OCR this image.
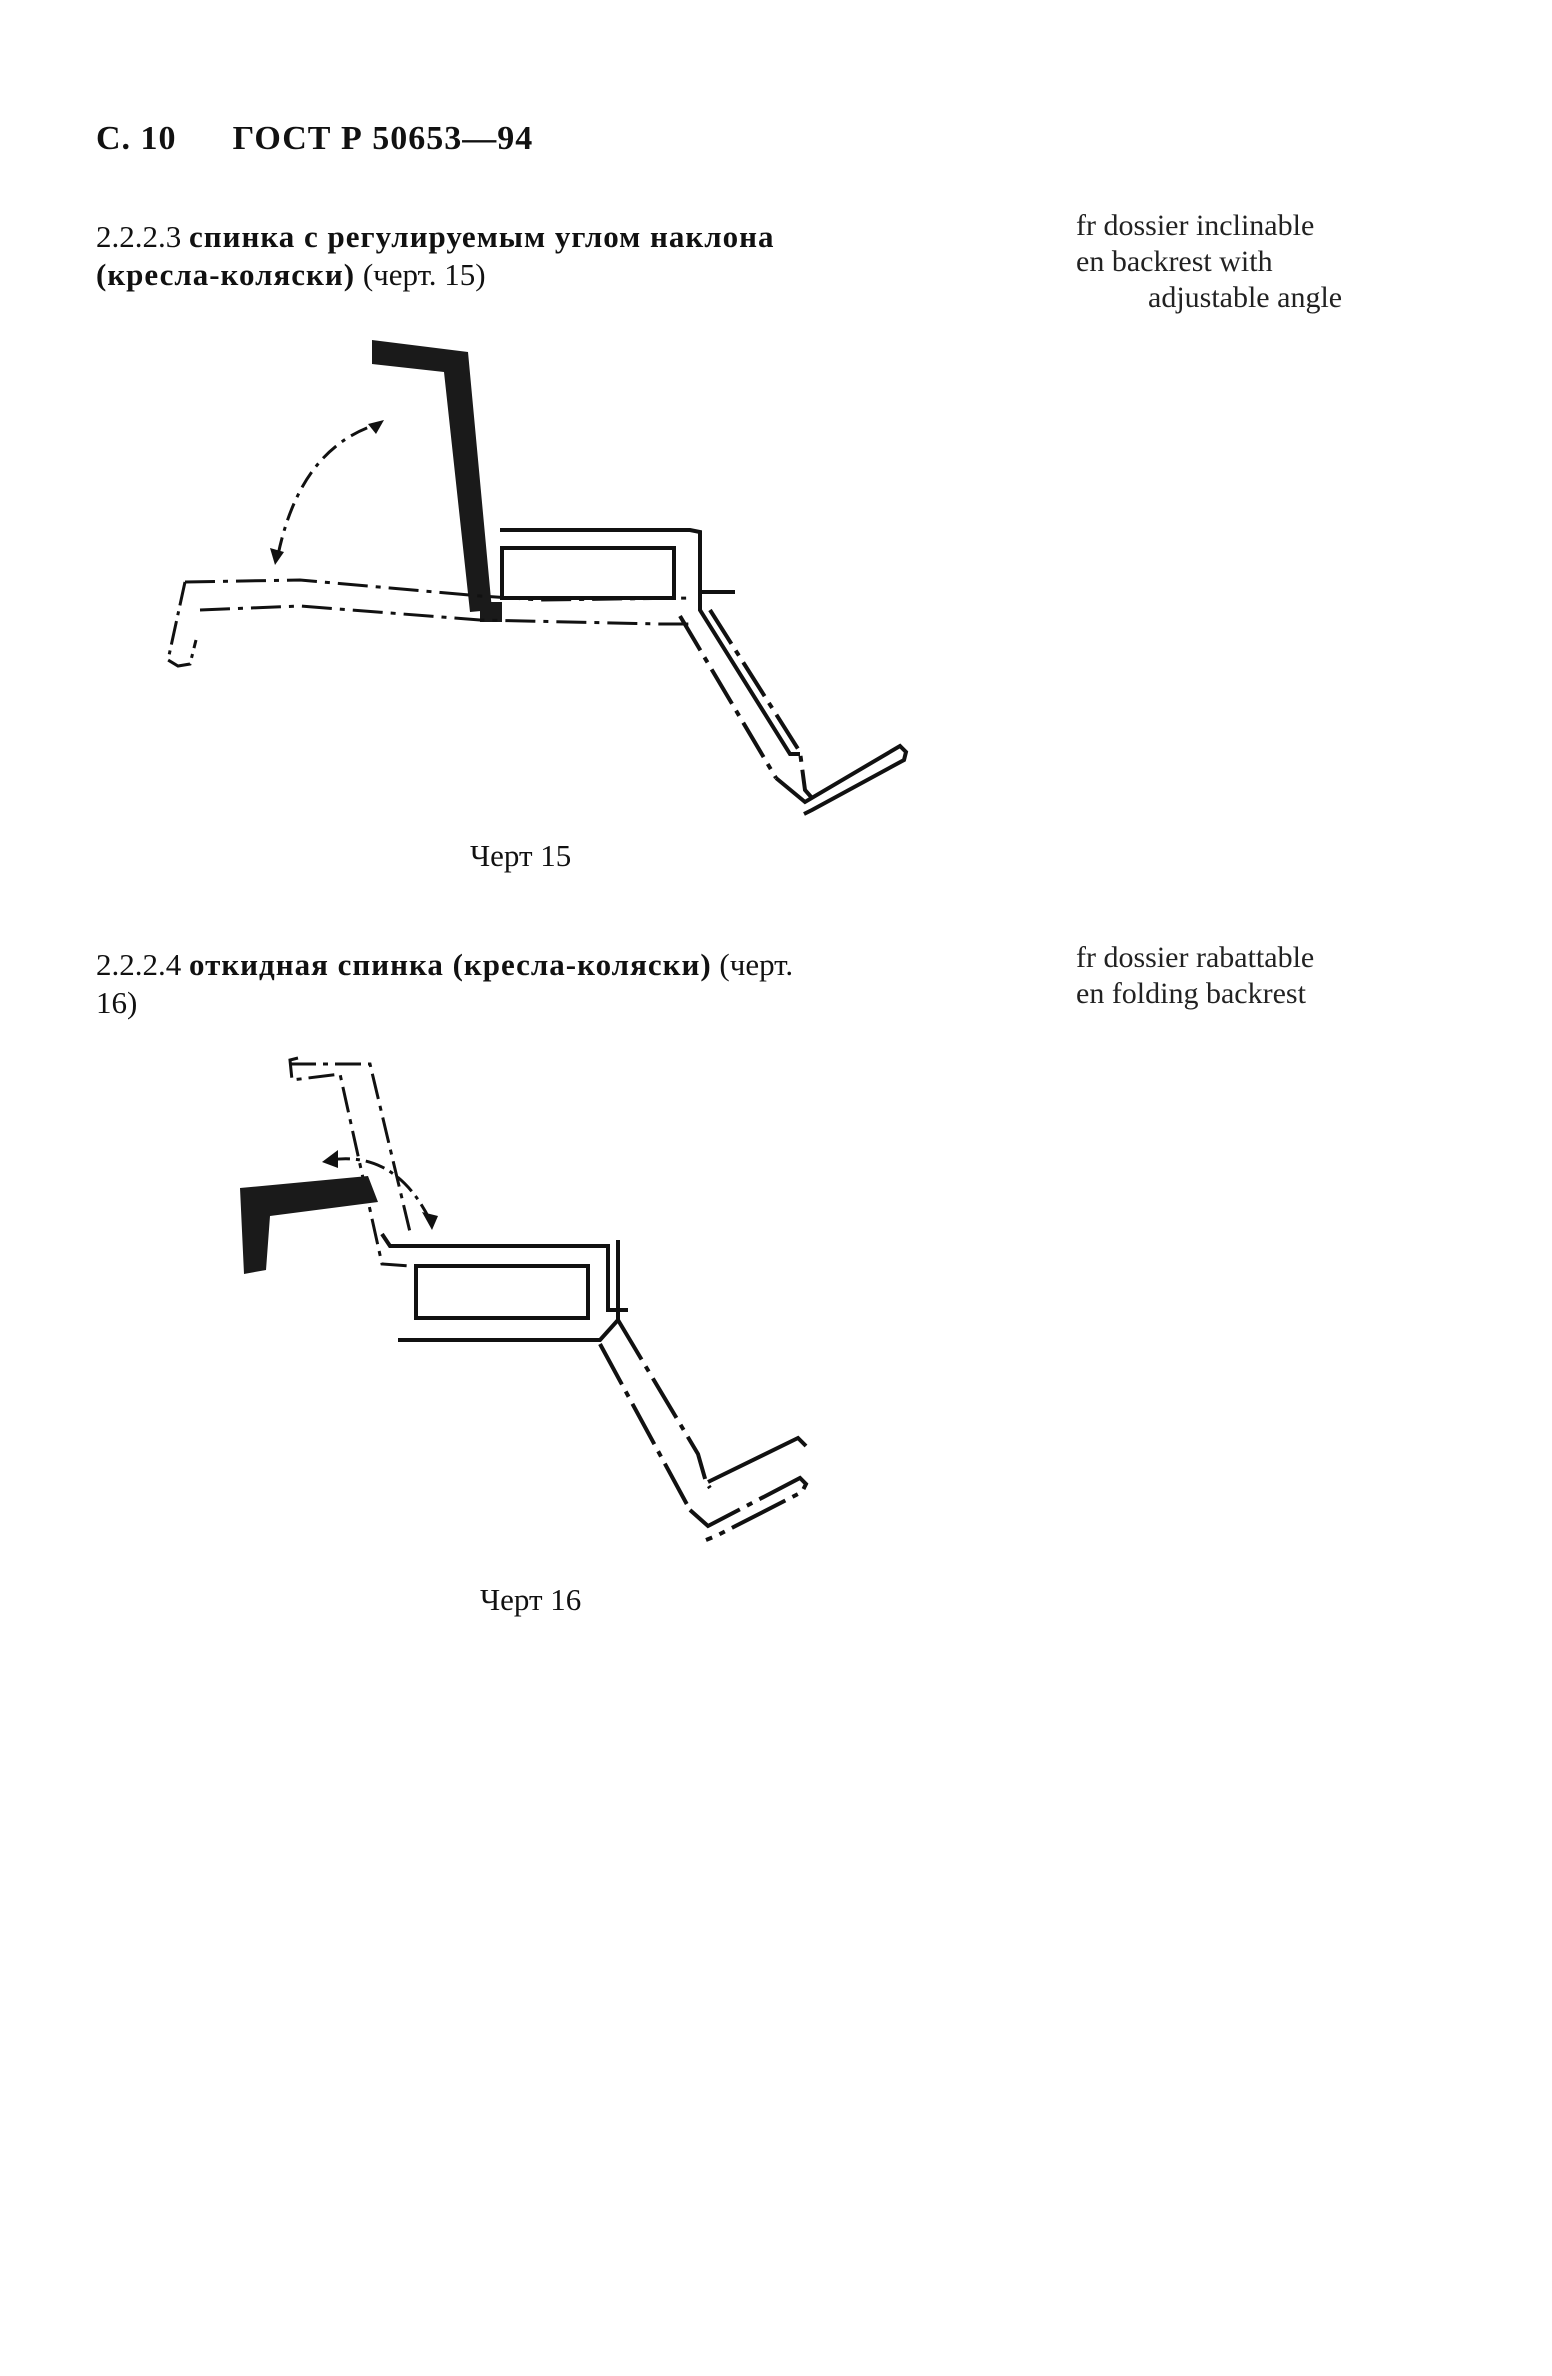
С. 10 ГОСТ Р 50653—94
2.2.2.3 спинка с регулируемым углом наклона
(кресла-коляски) (черт. 15)
fr dossier inclinable
en backrest with
adjustable angle
Черт 15
2.2.2.4 откидная спинка (кресла-коляски) (черт.
16)
fr dossier rabattable
en folding backrest
Черт 16
